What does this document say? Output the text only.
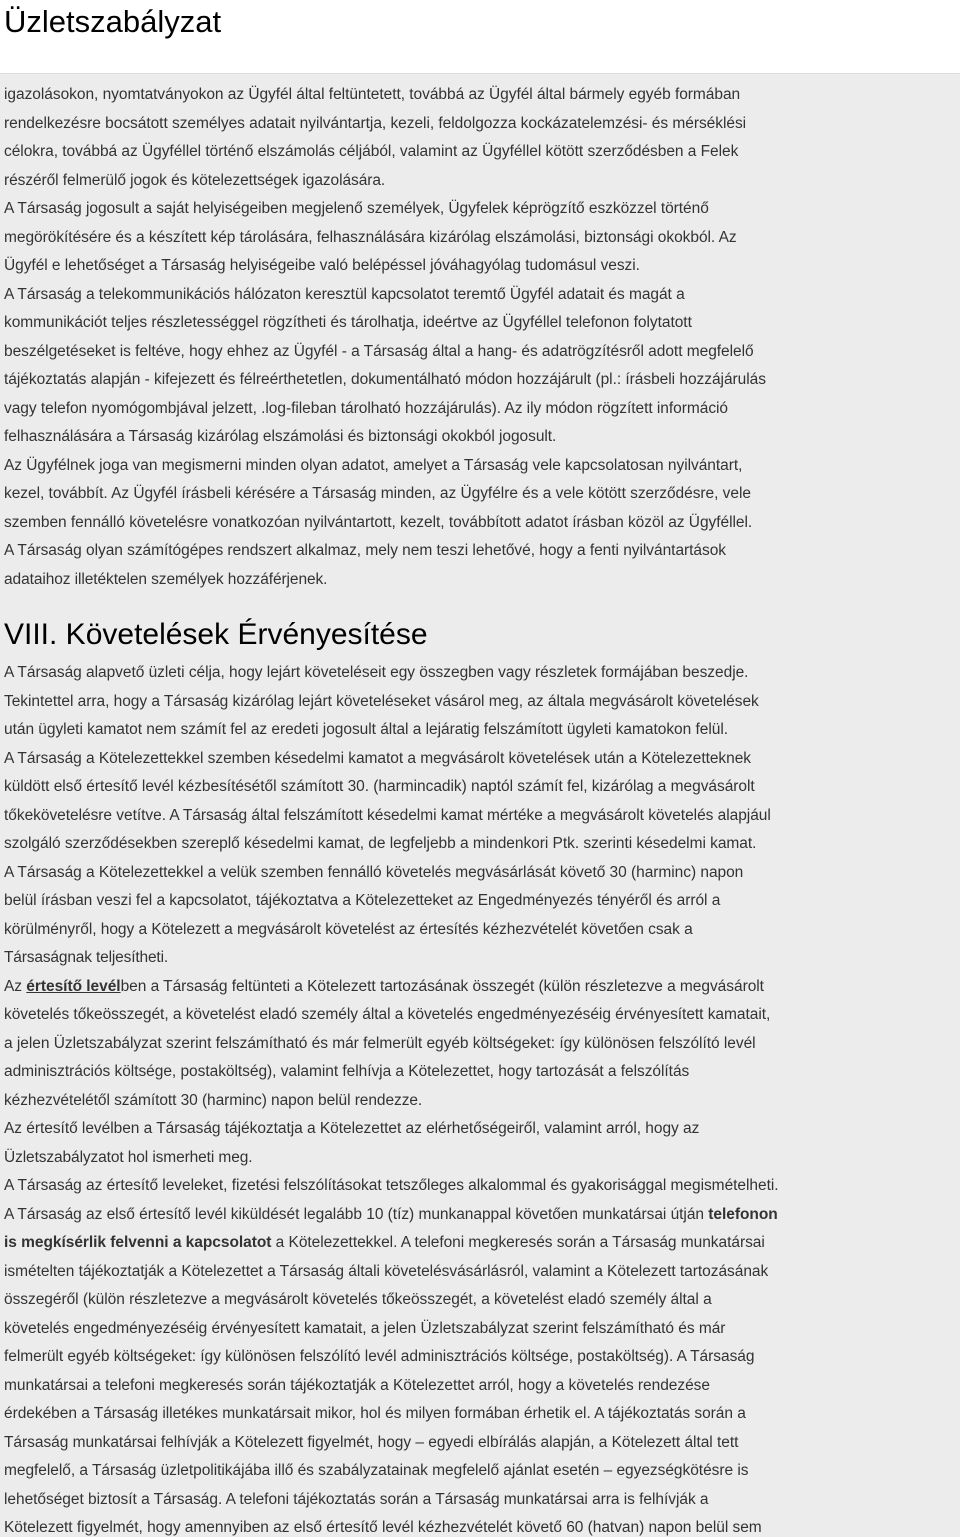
Üzletszabályzat
igazolásokon, nyomtatványokon az Ügyfél által feltüntetett, továbbá az Ügyfél által bármely egyéb formában
rendelkezésre bocsátott személyes adatait nyilvántartja, kezeli, feldolgozza kockázatelemzési- és mérséklési
célokra, továbbá az Ügyféllel történő elszámolás céljából, valamint az Ügyféllel kötött szerződésben a Felek
részéről felmerülő jogok és kötelezettségek igazolására.
A Társaság jogosult a saját helyiségeiben megjelenő személyek, Ügyfelek képrögzítő eszközzel történő
megörökítésére és a készített kép tárolására, felhasználására kizárólag elszámolási, biztonsági okokból. Az
Ügyfél e lehetőséget a Társaság helyiségeibe való belépéssel jóváhagyólag tudomásul veszi.
A Társaság a telekommunikációs hálózaton keresztül kapcsolatot teremtő Ügyfél adatait és magát a
kommunikációt teljes részletességgel rögzítheti és tárolhatja, ideértve az Ügyféllel telefonon folytatott
beszélgetéseket is feltéve, hogy ehhez az Ügyfél - a Társaság által a hang- és adatrögzítésről adott megfelelő
tájékoztatás alapján - kifejezett és félreérthetetlen, dokumentálható módon hozzájárult (pl.: írásbeli hozzájárulás
vagy telefon nyomógombjával jelzett, .log-fileban tárolható hozzájárulás). Az ily módon rögzített információ
felhasználására a Társaság kizárólag elszámolási és biztonsági okokból jogosult.
Az Ügyfélnek joga van megismerni minden olyan adatot, amelyet a Társaság vele kapcsolatosan nyilvántart,
kezel, továbbít. Az Ügyfél írásbeli kérésére a Társaság minden, az Ügyfélre és a vele kötött szerződésre, vele
szemben fennálló követelésre vonatkozóan nyilvántartott, kezelt, továbbított adatot írásban közöl az Ügyféllel.
A Társaság olyan számítógépes rendszert alkalmaz, mely nem teszi lehetővé, hogy a fenti nyilvántartások
adataihoz illetéktelen személyek hozzáférjenek.
VIII. Követelések Érvényesítése
A Társaság alapvető üzleti célja, hogy lejárt követeléseit egy összegben vagy részletek formájában beszedje.
Tekintettel arra, hogy a Társaság kizárólag lejárt követeléseket vásárol meg, az általa megvásárolt követelések
után ügyleti kamatot nem számít fel az eredeti jogosult által a lejáratig felszámított ügyleti kamatokon felül.
A Társaság a Kötelezettekkel szemben késedelmi kamatot a megvásárolt követelések után a Kötelezetteknek
küldött első értesítő levél kézbesítésétől számított 30. (harmincadik) naptól számít fel, kizárólag a megvásárolt
tőkekövetelésre vetítve. A Társaság által felszámított késedelmi kamat mértéke a megvásárolt követelés alapjául
szolgáló szerződésekben szereplő késedelmi kamat, de legfeljebb a mindenkori Ptk. szerinti késedelmi kamat.
A Társaság a Kötelezettekkel a velük szemben fennálló követelés megvásárlását követő 30 (harminc) napon
belül írásban veszi fel a kapcsolatot, tájékoztatva a Kötelezetteket az Engedményezés tényéről és arról a
körülményről, hogy a Kötelezett a megvásárolt követelést az értesítés kézhezvételét követően csak a
Társaságnak teljesítheti.
Az értesítő levélben a Társaság feltünteti a Kötelezett tartozásának összegét (külön részletezve a megvásárolt
követelés tőkeösszegét, a követelést eladó személy által a követelés engedményezéséig érvényesített kamatait,
a jelen Üzletszabályzat szerint felszámítható és már felmerült egyéb költségeket: így különösen felszólító levél
adminisztrációs költsége, postaköltség), valamint felhívja a Kötelezettet, hogy tartozását a felszólítás
kézhezvételétől számított 30 (harminc) napon belül rendezze.
Az értesítő levélben a Társaság tájékoztatja a Kötelezettet az elérhetőségeiről, valamint arról, hogy az
Üzletszabályzatot hol ismerheti meg.
A Társaság az értesítő leveleket, fizetési felszólításokat tetszőleges alkalommal és gyakorisággal megismételheti.
A Társaság az első értesítő levél kiküldését legalább 10 (tíz) munkanappal követően munkatársai útján telefonon
is megkísérlik felvenni a kapcsolatot a Kötelezettekkel. A telefoni megkeresés során a Társaság munkatársai
ismételten tájékoztatják a Kötelezettet a Társaság általi követelésvásárlásról, valamint a Kötelezett tartozásának
összegéről (külön részletezve a megvásárolt követelés tőkeösszegét, a követelést eladó személy által a
követelés engedményezéséig érvényesített kamatait, a jelen Üzletszabályzat szerint felszámítható és már
felmerült egyéb költségeket: így különösen felszólító levél adminisztrációs költsége, postaköltség). A Társaság
munkatársai a telefoni megkeresés során tájékoztatják a Kötelezettet arról, hogy a követelés rendezése
érdekében a Társaság illetékes munkatársait mikor, hol és milyen formában érhetik el. A tájékoztatás során a
Társaság munkatársai felhívják a Kötelezett figyelmét, hogy – egyedi elbírálás alapján, a Kötelezett által tett
megfelelő, a Társaság üzletpolitikájába illő és szabályzatainak megfelelő ajánlat esetén – egyezségkötésre is
lehetőséget biztosít a Társaság. A telefoni tájékoztatás során a Társaság munkatársai arra is felhívják a
Kötelezett figyelmét, hogy amennyiben az első értesítő levél kézhezvételét követő 60 (hatvan) napon belül sem
